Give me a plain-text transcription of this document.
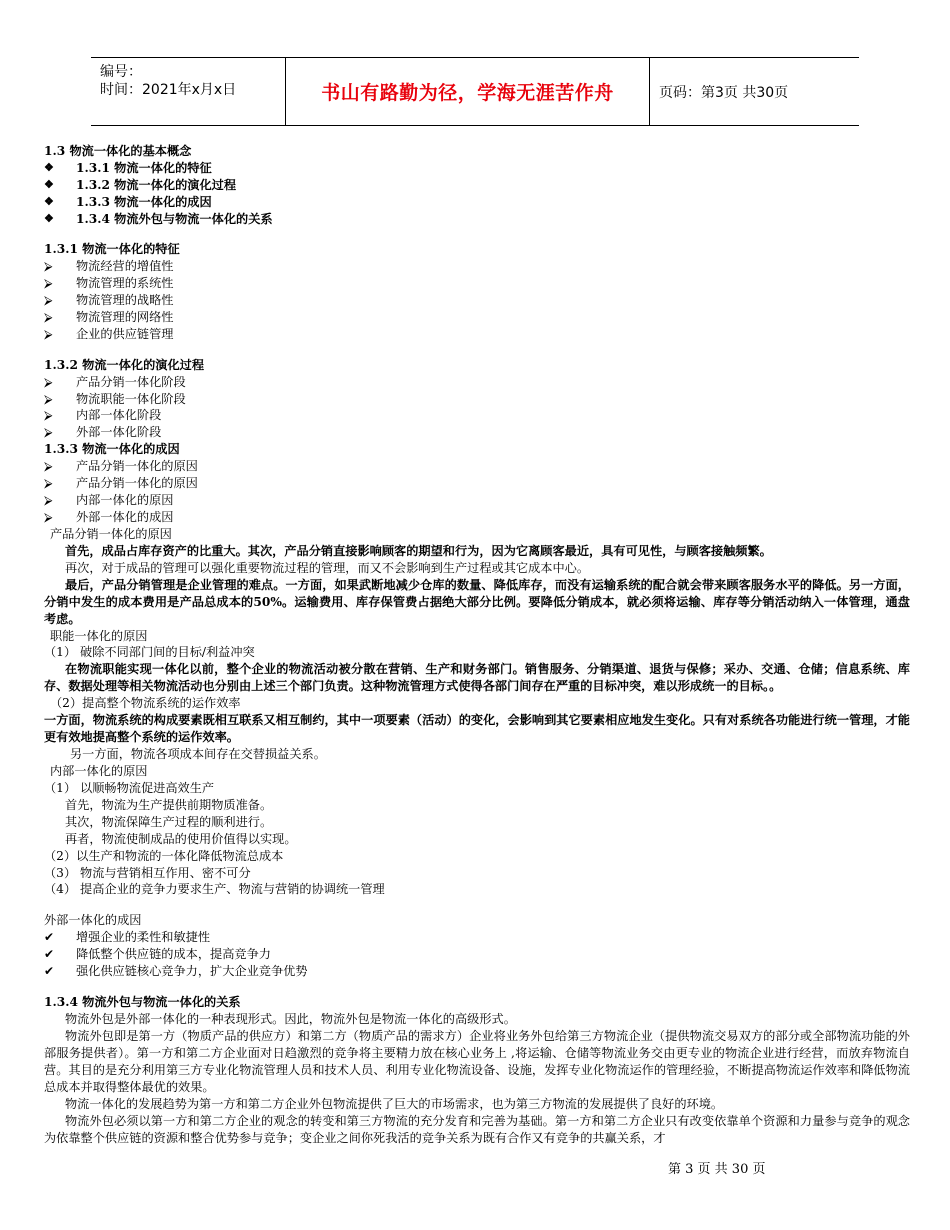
编号：
时间：2021年x月x日	书山有路勤为径，学海无涯苦作舟	页码：第3页 共30页
1.3 物流一体化的基本概念
❖ 1.3.1 物流一体化的特征
❖ 1.3.2 物流一体化的演化过程
❖ 1.3.3 物流一体化的成因
❖ 1.3.4 物流外包与物流一体化的关系
1.3.1 物流一体化的特征
⮚ 物流经营的增值性
⮚ 物流管理的系统性
⮚ 物流管理的战略性
⮚ 物流管理的网络性
⮚ 企业的供应链管理
1.3.2 物流一体化的演化过程
⮚ 产品分销一体化阶段
⮚ 物流职能一体化阶段
⮚ 内部一体化阶段
⮚ 外部一体化阶段
1.3.3 物流一体化的成因
⮚ 产品分销一体化的原因
⮚ 产品分销一体化的原因
⮚ 内部一体化的原因
⮚ 外部一体化的成因
产品分销一体化的原因
首先，成品占库存资产的比重大。其次，产品分销直接影响顾客的期望和行为，因为它离顾客最近，具有可见性，与顾客接触频繁。
再次，对于成品的管理可以强化重要物流过程的管理，而又不会影响到生产过程或其它成本中心。
最后，产品分销管理是企业管理的难点。一方面，如果武断地减少仓库的数量、降低库存，而没有运输系统的配合就会带来顾客服务水平的降低。另一方面，分销中发生的成本费用是产品总成本的50%。运输费用、库存保管费占据绝大部分比例。要降低分销成本，就必须将运输、库存等分销活动纳入一体管理，通盘考虑。
职能一体化的原因
（1） 破除不同部门间的目标/利益冲突
在物流职能实现一体化以前，整个企业的物流活动被分散在营销、生产和财务部门。销售服务、分销渠道、退货与保修；采办、交通、仓储；信息系统、库存、数据处理等相关物流活动也分别由上述三个部门负责。这种物流管理方式使得各部门间存在严重的目标冲突，难以形成统一的目标。。
（2）提高整个物流系统的运作效率
一方面，物流系统的构成要素既相互联系又相互制约，其中一项要素（活动）的变化，会影响到其它要素相应地发生变化。只有对系统各功能进行统一管理，才能更有效地提高整个系统的运作效率。
另一方面，物流各项成本间存在交替损益关系。
内部一体化的原因
（1） 以顺畅物流促进高效生产
首先，物流为生产提供前期物质准备。
其次，物流保障生产过程的顺利进行。
再者，物流使制成品的使用价值得以实现。
（2）以生产和物流的一体化降低物流总成本
（3） 物流与营销相互作用、密不可分
（4） 提高企业的竞争力要求生产、物流与营销的协调统一管理
外部一体化的成因
✔ 增强企业的柔性和敏捷性
✔ 降低整个供应链的成本，提高竞争力
✔ 强化供应链核心竞争力，扩大企业竞争优势
1.3.4 物流外包与物流一体化的关系
物流外包是外部一体化的一种表现形式。因此，物流外包是物流一体化的高级形式。
物流外包即是第一方（物质产品的供应方）和第二方（物质产品的需求方）企业将业务外包给第三方物流企业（提供物流交易双方的部分或全部物流功能的外部服务提供者）。第一方和第二方企业面对日趋激烈的竞争将主要精力放在核心业务上 ,将运输、仓储等物流业务交由更专业的物流企业进行经营，而放弃物流自营。其目的是充分利用第三方专业化物流管理人员和技术人员、利用专业化物流设备、设施，发挥专业化物流运作的管理经验，不断提高物流运作效率和降低物流总成本并取得整体最优的效果。
物流一体化的发展趋势为第一方和第二方企业外包物流提供了巨大的市场需求，也为第三方物流的发展提供了良好的环境。
物流外包必须以第一方和第二方企业的观念的转变和第三方物流的充分发育和完善为基础。第一方和第二方企业只有改变依靠单个资源和力量参与竞争的观念为依靠整个供应链的资源和整合优势参与竞争；变企业之间你死我活的竞争关系为既有合作又有竞争的共赢关系，才
第 3 页 共 30 页
